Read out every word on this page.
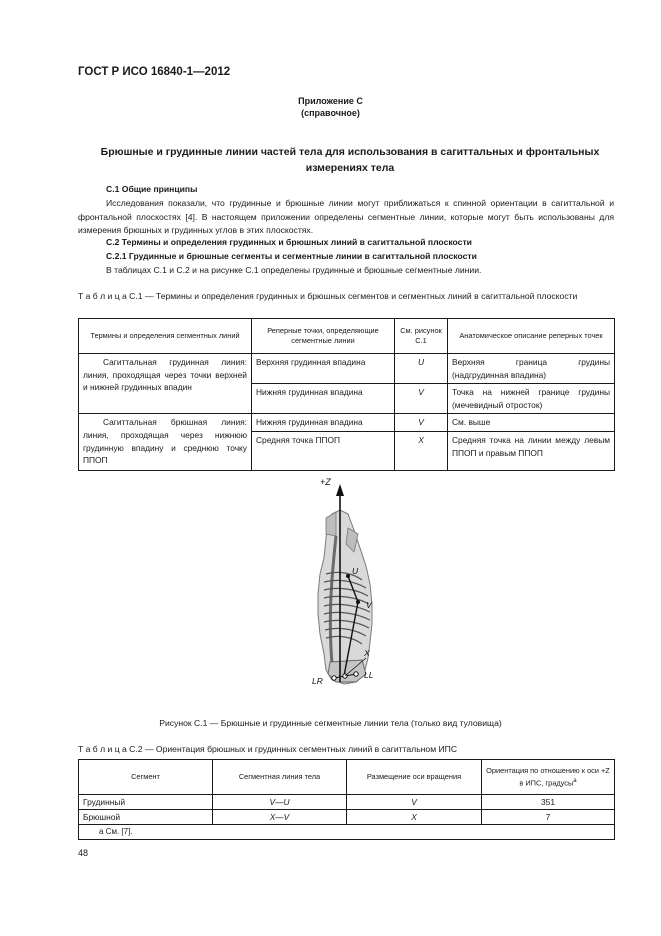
ГОСТ Р ИСО 16840-1—2012
Приложение С
(справочное)
Брюшные и грудинные линии частей тела для использования в сагиттальных и фронтальных измерениях тела
С.1 Общие принципы
Исследования показали, что грудинные и брюшные линии могут приближаться к спинной ориентации в сагиттальной и фронтальной плоскостях [4]. В настоящем приложении определены сегментные линии, которые могут быть использованы для измерения брюшных и грудинных углов в этих плоскостях.
С.2 Термины и определения грудинных и брюшных линий в сагиттальной плоскости
С.2.1 Грудинные и брюшные сегменты и сегментные линии в сагиттальной плоскости
В таблицах С.1 и С.2 и на рисунке С.1 определены грудинные и брюшные сегментные линии.
Т а б л и ц а С.1 — Термины и определения грудинных и брюшных сегментов и сегментных линий в сагиттальной плоскости
Термины и определения сегментных линий	Реперные точки, определяющие сегментные линии	См. рисунок С.1	Анатомическое описание реперных точек

Сагиттальная грудинная линия: линия, проходящая через точки верхней и нижней грудинных впадин	Верхняя грудинная впадина	U	Верхняя граница грудины (надгрудинная впадина)
	Нижняя грудинная впадина	V	Точка на нижней границе грудины (мечевидный отросток)

Сагиттальная брюшная линия: линия, проходящая через нижнюю грудинную впадину и среднюю точку ППОП	Нижняя грудинная впадина	V	См. выше
	Средняя точка ППОП	X	Средняя точка на линии между левым ППОП и правым ППОП
+Z
U
V
X
LR
LL
Рисунок С.1 — Брюшные и грудинные сегментные линии тела (только вид туловища)
Т а б л и ц а С.2 — Ориентация брюшных и грудинных сегментных линий в сагиттальном ИПС
Сегмент	Сегментная линия тела	Размещение оси вращения	Ориентация по отношению к оси +Z в ИПС, градусы$^а$
Грудинный	V—U	V	351
Брюшной	X—V	X	7
а См. [7].			
48
